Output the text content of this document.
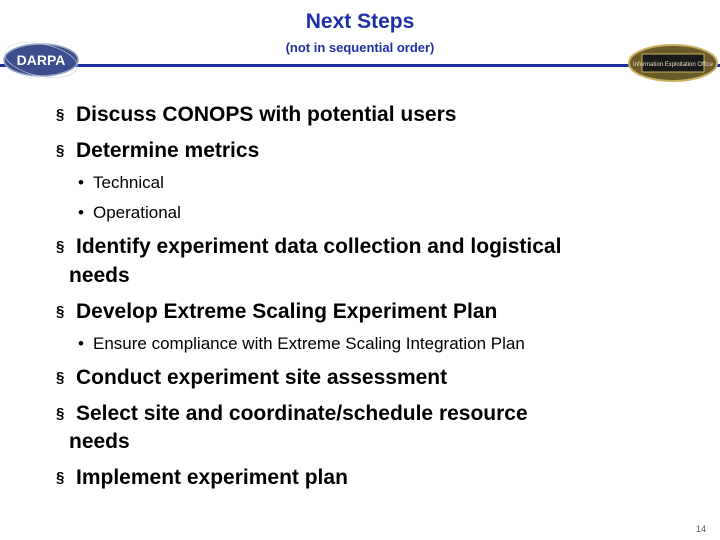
Next Steps
(not in sequential order)
DARPA	Information Exploitation Office
§ Discuss CONOPS with potential users
§ Determine metrics
• Technical
• Operational
§ Identify experiment data collection and logistical
needs
§ Develop Extreme Scaling Experiment Plan
• Ensure compliance with Extreme Scaling Integration Plan
§ Conduct experiment site assessment
§ Select site and coordinate/schedule resource
needs
§ Implement experiment plan
14
